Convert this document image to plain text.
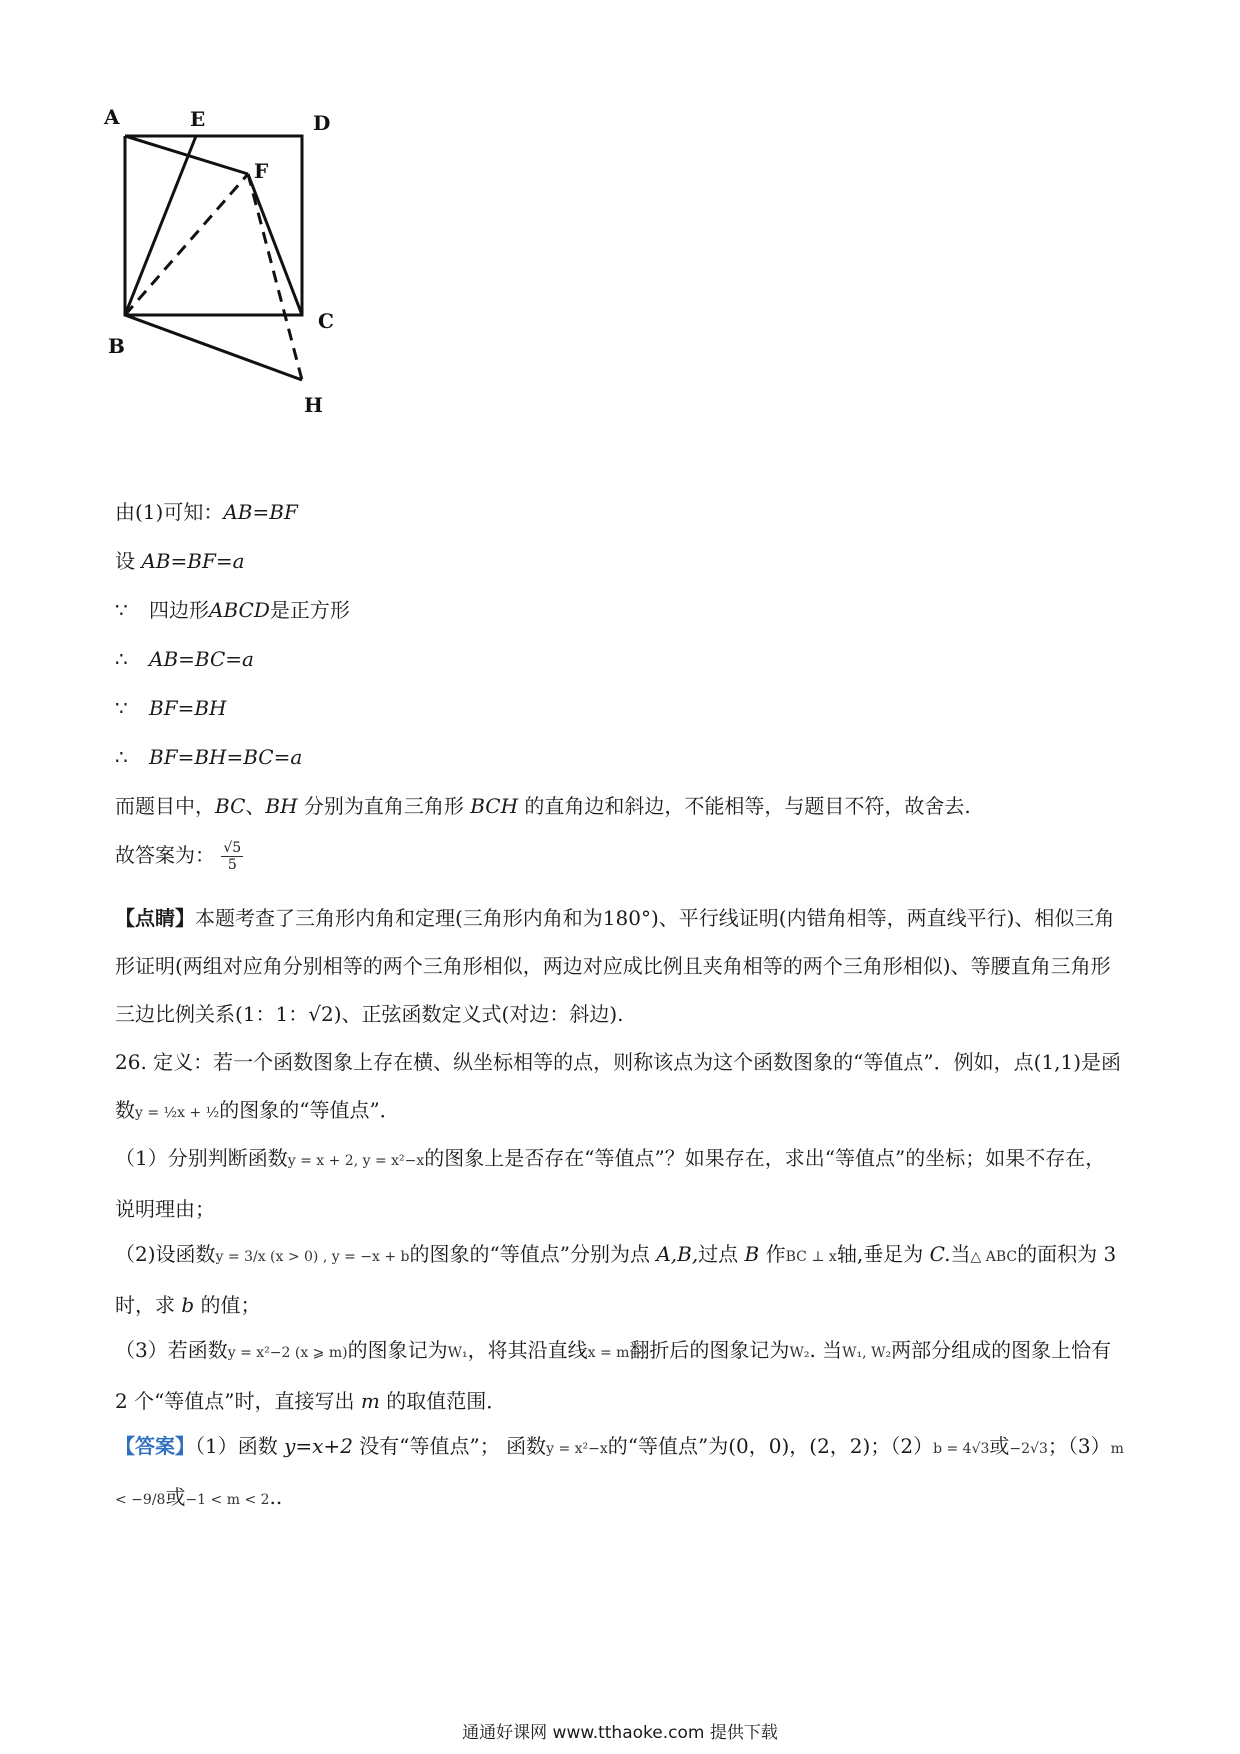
A	E	D
F
B
C
H
由(1)可知：AB=BF
设 AB=BF=a
∵ 四边形ABCD是正方形
∴ AB=BC=a
∵ BF=BH
∴ BF=BH=BC=a
而题目中，BC、BH 分别为直角三角形 BCH 的直角边和斜边，不能相等，与题目不符，故舍去.
故答案为： $\frac{√5}{5}$
【点睛】本题考查了三角形内角和定理(三角形内角和为180°)、平行线证明(内错角相等，两直线平行)、相似三角形证明(两组对应角分别相等的两个三角形相似，两边对应成比例且夹角相等的两个三角形相似)、等腰直角三角形三边比例关系(1：1：√2)、正弦函数定义式(对边：斜边).
26. 定义：若一个函数图象上存在横、纵坐标相等的点，则称该点为这个函数图象的“等值点”．例如，点(1,1)是函数y = ½x + ½的图象的“等值点”．
（1）分别判断函数y = x + 2, y = x²−x的图象上是否存在“等值点”？如果存在，求出“等值点”的坐标；如果不存在，说明理由；
（2)设函数y = 3/x (x > 0) , y = −x + b的图象的“等值点”分别为点 A,B,过点 B 作BC ⊥ x轴,垂足为 C.当△ ABC的面积为 3 时，求 b 的值；
（3）若函数y = x²−2 (x ⩾ m)的图象记为W₁，将其沿直线x = m翻折后的图象记为W₂. 当W₁, W₂两部分组成的图象上恰有 2 个“等值点”时，直接写出 m 的取值范围．
【答案】（1）函数 y=x+2 没有“等值点”； 函数y = x²−x的“等值点”为(0，0)，(2，2)；（2）b = 4√3或−2√3；（3）m < −9/8或−1 < m < 2..
通通好课网 www.tthaoke.com 提供下载
